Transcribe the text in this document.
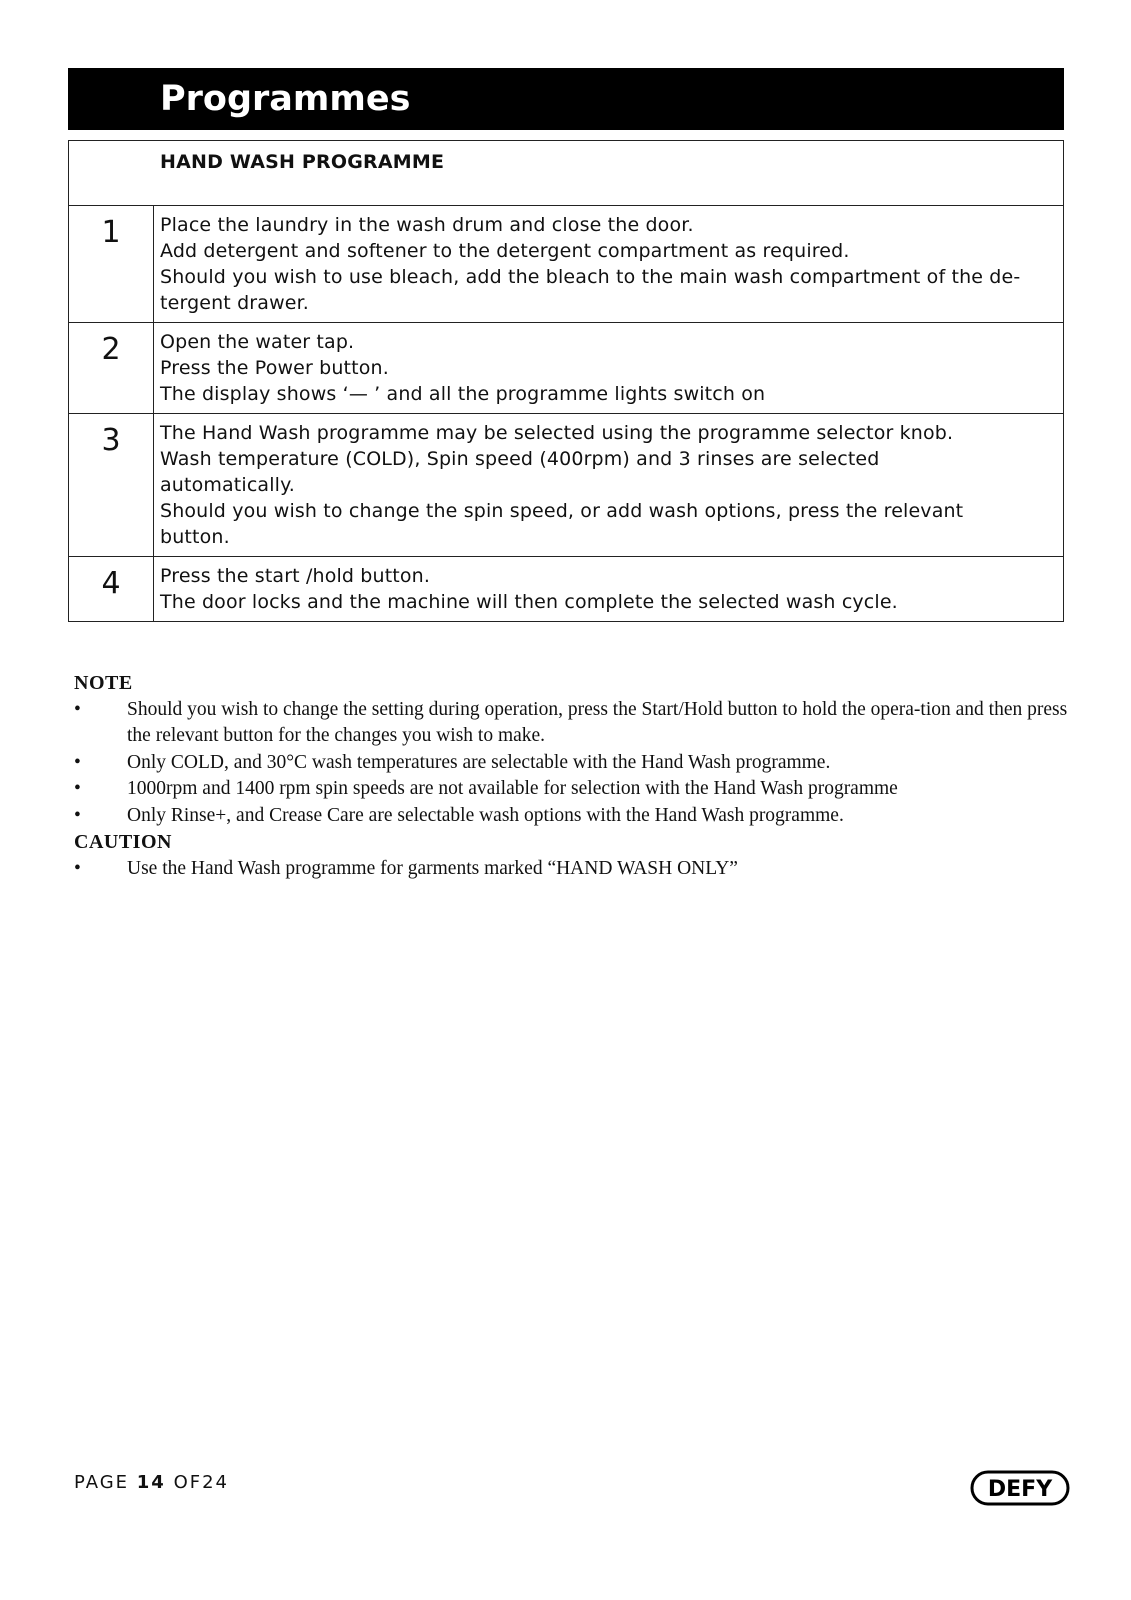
Programmes
HAND WASH PROGRAMME	

1	Place the laundry in the wash drum and close the door.
Add detergent and softener to the detergent compartment as required.
Should you wish to use bleach, add the bleach to the main wash compartment of the de-
tergent drawer.

2	Open the water tap.
Press the Power button.
The display shows ‘— ’ and all the programme lights switch on

3	The Hand Wash programme may be selected using the programme selector knob.
Wash temperature (COLD), Spin speed (400rpm) and 3 rinses are selected
automatically.
Should you wish to change the spin speed, or add wash options, press the relevant
button.

4	Press the start /hold button.
The door locks and the machine will then complete the selected wash cycle.
NOTE
• Should you wish to change the setting during operation, press the Start/Hold button to hold the opera-tion and then press the relevant button for the changes you wish to make.
• Only COLD, and 30°C wash temperatures are selectable with the Hand Wash programme.
• 1000rpm and 1400 rpm spin speeds are not available for selection with the Hand Wash programme
• Only Rinse+, and Crease Care are selectable wash options with the Hand Wash programme.
CAUTION
• Use the Hand Wash programme for garments marked “HAND WASH ONLY”
PAGE 14 OF24	DEFY
